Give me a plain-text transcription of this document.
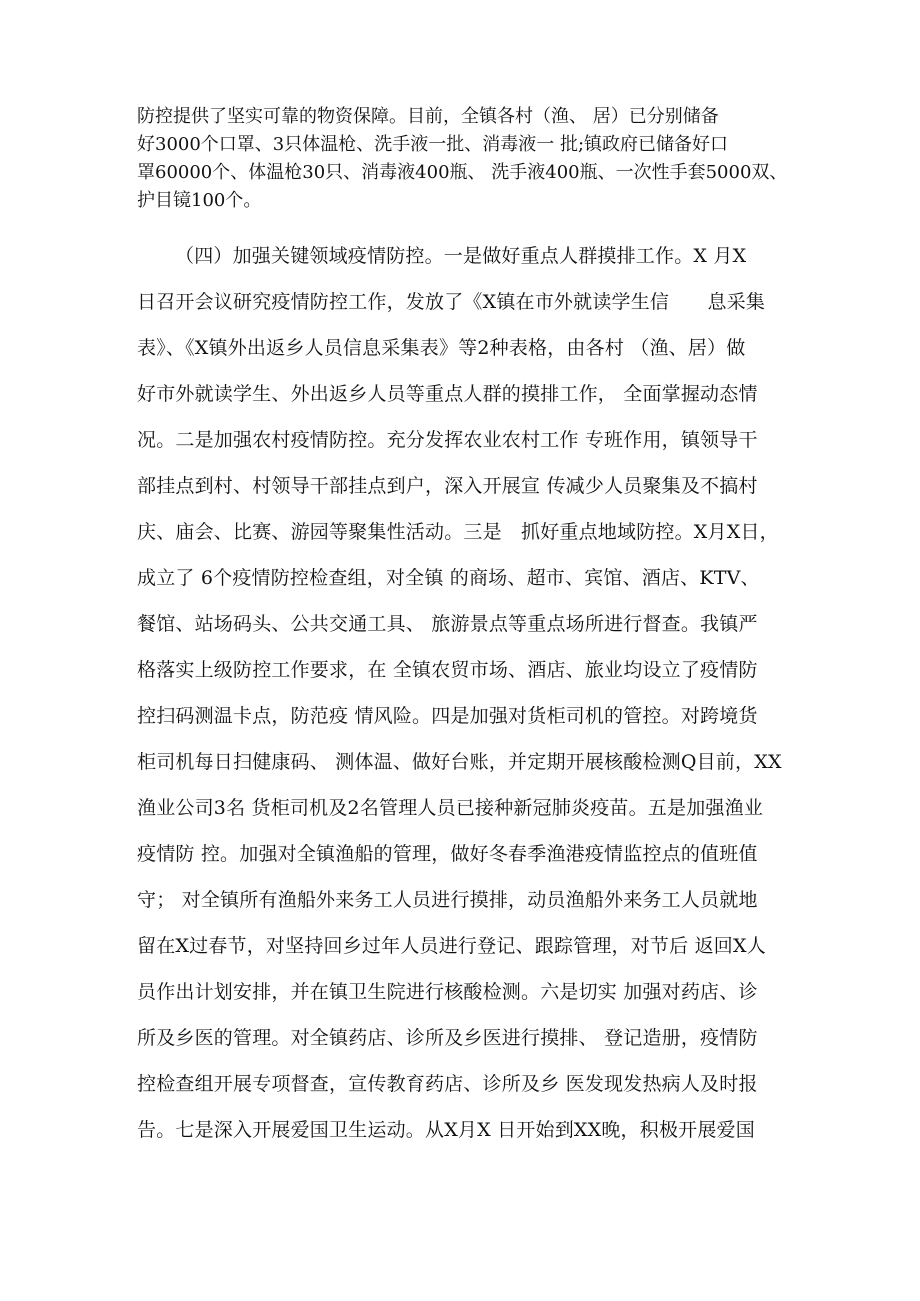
防控提供了坚实可靠的物资保障。目前，全镇各村（渔、 居）已分别储备
好3000个口罩、3只体温枪、洗手液一批、消毒液一 批;镇政府已储备好口
罩60000个、体温枪30只、消毒液400瓶、 洗手液400瓶、一次性手套5000双、
护目镜100个。
（四）加强关键领域疫情防控。一是做好重点人群摸排工作。X 月X
日召开会议研究疫情防控工作，发放了《X镇在市外就读学生信　　息采集
表》、《X镇外出返乡人员信息采集表》等2种表格，由各村 （渔、居）做
好市外就读学生、外出返乡人员等重点人群的摸排工作， 全面掌握动态情
况。二是加强农村疫情防控。充分发挥农业农村工作 专班作用，镇领导干
部挂点到村、村领导干部挂点到户，深入开展宣 传减少人员聚集及不搞村
庆、庙会、比赛、游园等聚集性活动。三是　抓好重点地域防控。X月X日，
成立了 6个疫情防控检查组，对全镇 的商场、超市、宾馆、酒店、KTV、
餐馆、站场码头、公共交通工具、 旅游景点等重点场所进行督查。我镇严
格落实上级防控工作要求，在 全镇农贸市场、酒店、旅业均设立了疫情防
控扫码测温卡点，防范疫 情风险。四是加强对货柜司机的管控。对跨境货
柜司机每日扫健康码、 测体温、做好台账，并定期开展核酸检测Q目前，XX
渔业公司3名 货柜司机及2名管理人员已接种新冠肺炎疫苗。五是加强渔业
疫情防 控。加强对全镇渔船的管理，做好冬春季渔港疫情监控点的值班值
守； 对全镇所有渔船外来务工人员进行摸排，动员渔船外来务工人员就地
留在X过春节，对坚持回乡过年人员进行登记、跟踪管理，对节后 返回X人
员作出计划安排，并在镇卫生院进行核酸检测。六是切实 加强对药店、诊
所及乡医的管理。对全镇药店、诊所及乡医进行摸排、 登记造册，疫情防
控检查组开展专项督查，宣传教育药店、诊所及乡 医发现发热病人及时报
告。七是深入开展爱国卫生运动。从X月X 日开始到XX晚，积极开展爱国
